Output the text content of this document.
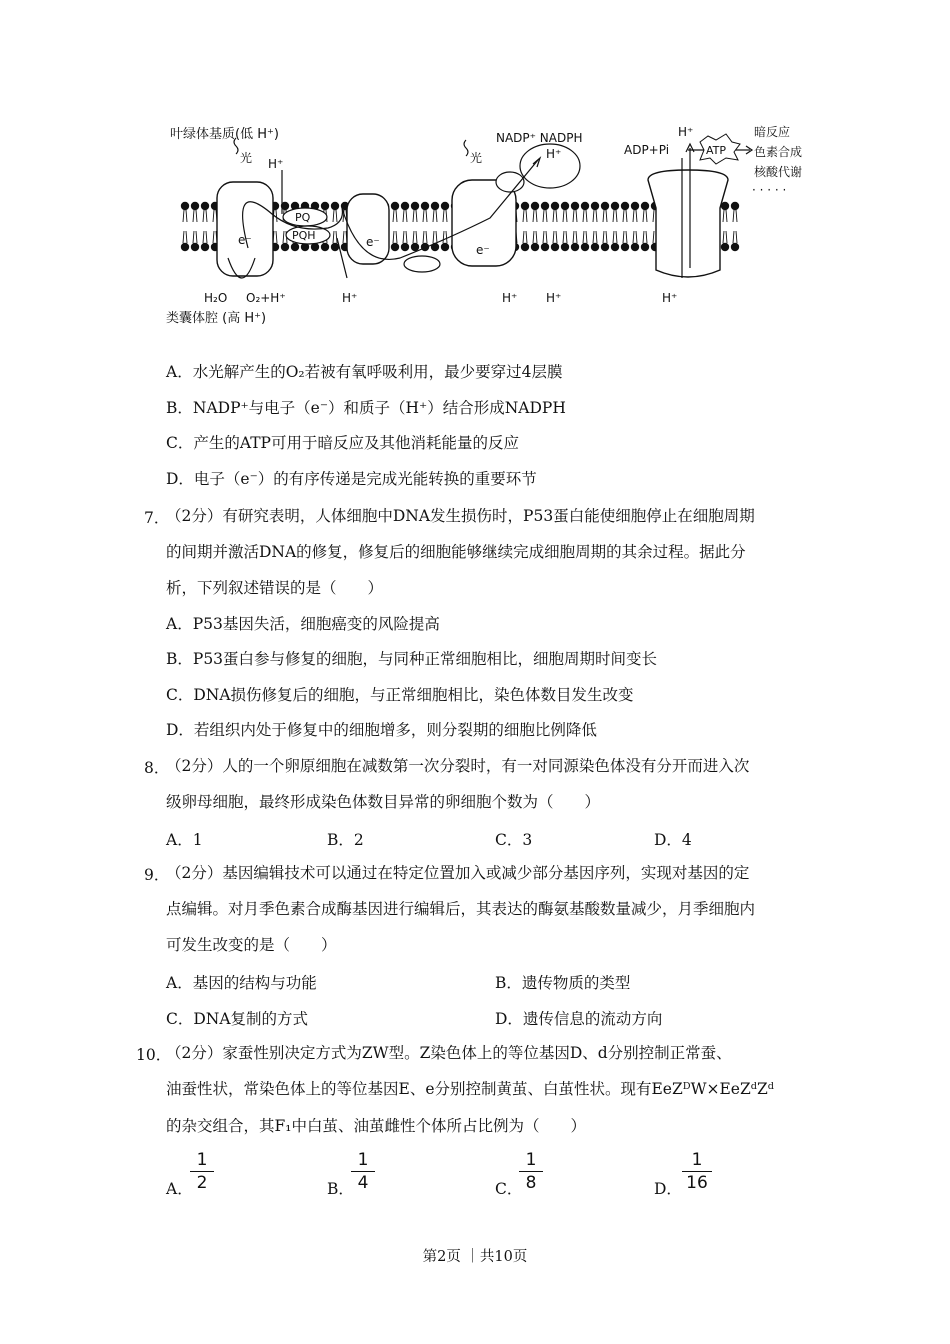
叶绿体基质(低 H⁺)
类囊体腔 (高 H⁺)
光	光
H⁺
PQ
PQH
e⁻	e⁻
e⁻
H₂O O₂+H⁺	H⁺	H⁺ H⁺	H⁺
NADP⁺ NADPH
H⁺
H⁺
ADP+Pi	ATP
暗反应
色素合成
核酸代谢
· · · · ·
A．水光解产生的O₂若被有氧呼吸利用，最少要穿过4层膜
B．NADP⁺与电子（e⁻）和质子（H⁺）结合形成NADPH
C．产生的ATP可用于暗反应及其他消耗能量的反应
D．电子（e⁻）的有序传递是完成光能转换的重要环节
7．
（2分）有研究表明，人体细胞中DNA发生损伤时，P53蛋白能使细胞停止在细胞周期
的间期并激活DNA的修复，修复后的细胞能够继续完成细胞周期的其余过程。据此分
析，下列叙述错误的是（　　）
A．P53基因失活，细胞癌变的风险提高
B．P53蛋白参与修复的细胞，与同种正常细胞相比，细胞周期时间变长
C．DNA损伤修复后的细胞，与正常细胞相比，染色体数目发生改变
D．若组织内处于修复中的细胞增多，则分裂期的细胞比例降低
8．
（2分）人的一个卵原细胞在减数第一次分裂时，有一对同源染色体没有分开而进入次
级卵母细胞，最终形成染色体数目异常的卵细胞个数为（　　）
A．1	B．2	C．3	D．4
9．
（2分）基因编辑技术可以通过在特定位置加入或减少部分基因序列，实现对基因的定
点编辑。对月季色素合成酶基因进行编辑后，其表达的酶氨基酸数量减少，月季细胞内
可发生改变的是（　　）
A．基因的结构与功能	B．遗传物质的类型
C．DNA复制的方式	D．遗传信息的流动方向
10．
（2分）家蚕性别决定方式为ZW型。Z染色体上的等位基因D、d分别控制正常蚕、
油蚕性状，常染色体上的等位基因E、e分别控制黄茧、白茧性状。现有EeZᴰW×EeZᵈZᵈ
的杂交组合，其F₁中白茧、油茧雌性个体所占比例为（　　）
A．
1
2	B．
1
4	C．
1
8	D．
1
16
第2页 ｜共10页
